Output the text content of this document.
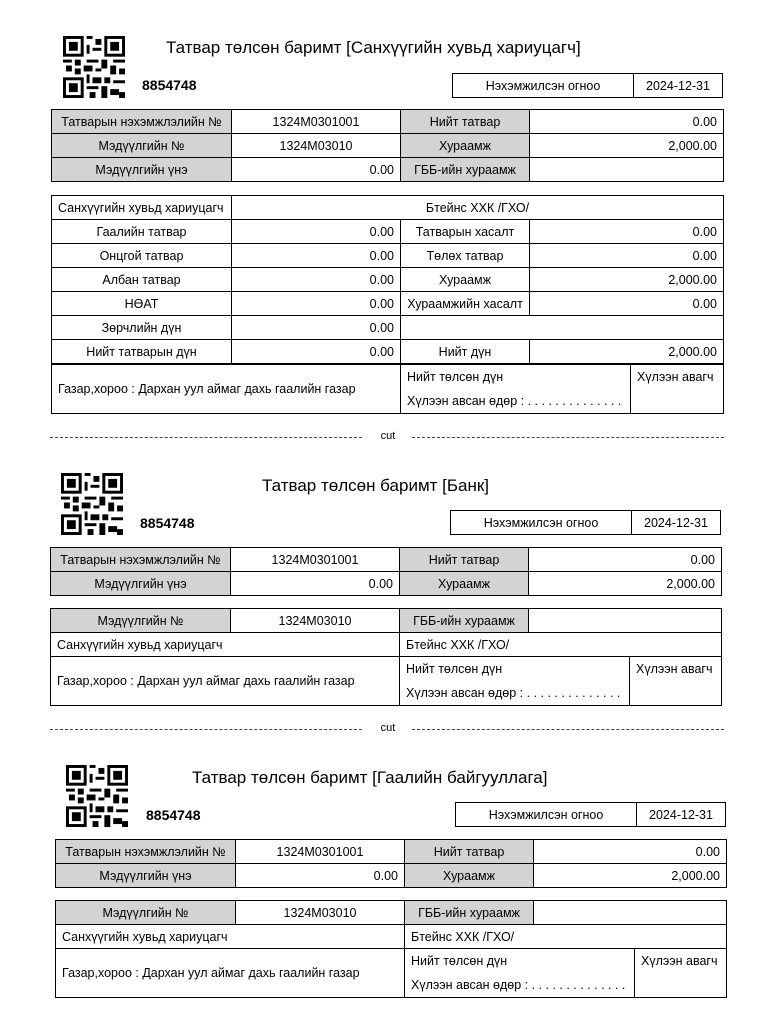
Татвар төлсөн баримт [Санхүүгийн хувьд хариуцагч]
8854748	Нэхэмжилсэн огноо	2024-12-31
Татварын нэхэмжлэлийн №	1324M0301001	Нийт татвар	0.00
Мэдүүлгийн №	1324M03010	Хураамж	2,000.00
Мэдүүлгийн үнэ	0.00	ГББ-ийн хураамж	
Санхүүгийн хувьд хариуцагч	Бтейнс ХХК /ГХО/		
Гаалийн татвар	0.00	Татварын хасалт	0.00
Онцгой татвар	0.00	Төлөх татвар	0.00
Албан татвар	0.00	Хураамж	2,000.00
НӨАТ	0.00	Хураамжийн хасалт	0.00
Зөрчлийн дүн	0.00		
Нийт татварын дүн	0.00	Нийт дүн	2,000.00
Газар,хороо : Дархан уул аймаг дахь гаалийн газар	Нийт төлсөн дүн	Хүлээн авагч
Хүлээн авсан өдөр : . . . . . . . . . . . . . .
cut
Татвар төлсөн баримт [Банк]
8854748	Нэхэмжилсэн огноо	2024-12-31
Татварын нэхэмжлэлийн №	1324M0301001	Нийт татвар	0.00
Мэдүүлгийн үнэ	0.00	Хураамж	2,000.00
Мэдүүлгийн №	1324M03010	ГББ-ийн хураамж	
Санхүүгийн хувьд хариуцагч		Бтейнс ХХК /ГХО/	
Газар,хороо : Дархан уул аймаг дахь гаалийн газар	Нийт төлсөн дүн	Хүлээн авагч
Хүлээн авсан өдөр : . . . . . . . . . . . . . .
cut
Татвар төлсөн баримт [Гаалийн байгууллага]
8854748	Нэхэмжилсэн огноо	2024-12-31
Татварын нэхэмжлэлийн №	1324M0301001	Нийт татвар	0.00
Мэдүүлгийн үнэ	0.00	Хураамж	2,000.00
Мэдүүлгийн №	1324M03010	ГББ-ийн хураамж	
Санхүүгийн хувьд хариуцагч		Бтейнс ХХК /ГХО/	
Газар,хороо : Дархан уул аймаг дахь гаалийн газар	Нийт төлсөн дүн	Хүлээн авагч
Хүлээн авсан өдөр : . . . . . . . . . . . . . .
